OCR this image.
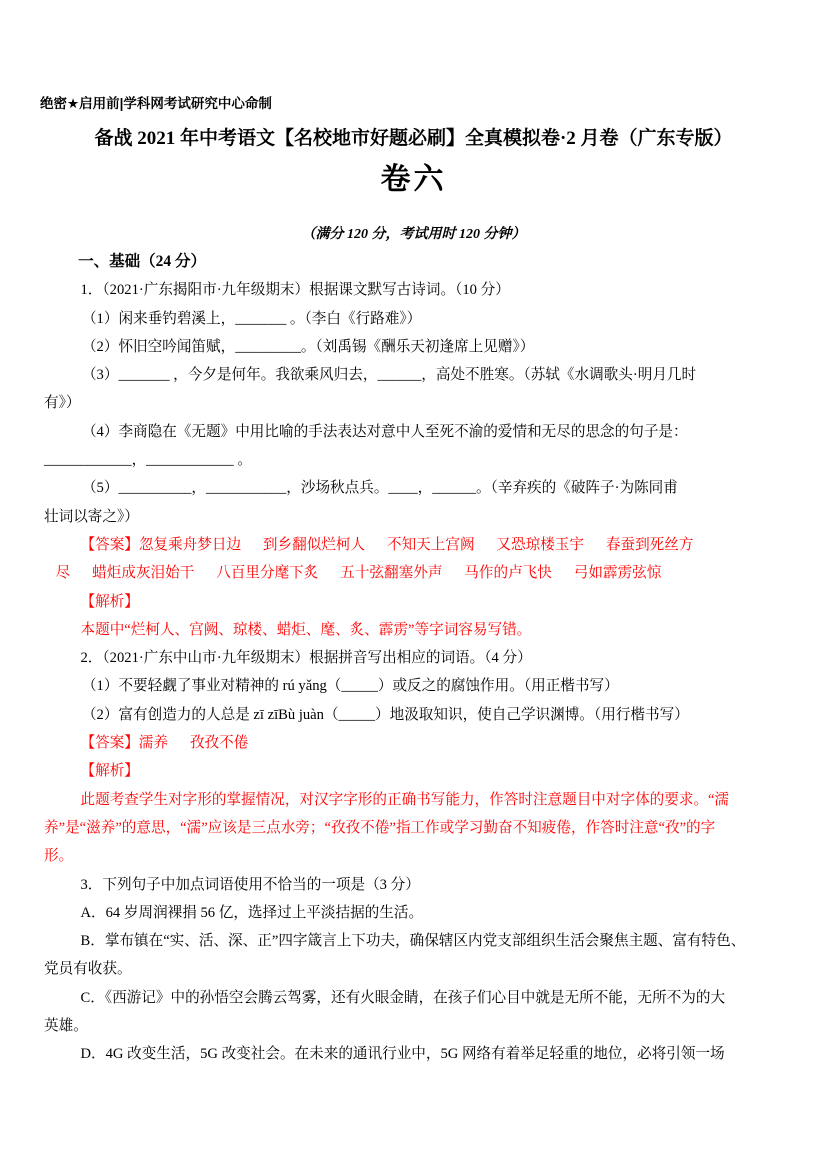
绝密★启用前|学科网考试研究中心命制
备战 2021 年中考语文【名校地市好题必刷】全真模拟卷·2 月卷（广东专版）
卷六
（满分 120 分，考试用时 120 分钟）
一、基础（24 分）
1．（2021·广东揭阳市·九年级期末）根据课文默写古诗词。（10 分）
（1）闲来垂钓碧溪上，_______ 。（李白《行路难》）
（2）怀旧空吟闻笛赋，_________。（刘禹锡《酬乐天初逢席上见赠》）
（3）_______ ，今夕是何年。我欲乘风归去，______，高处不胜寒。（苏轼《水调歌头·明月几时
有》）
（4）李商隐在《无题》中用比喻的手法表达对意中人至死不渝的爱情和无尽的思念的句子是：
____________，____________ 。
（5）__________，___________，沙场秋点兵。____，______。（辛弃疾的《破阵子·为陈同甫
壮词以寄之》）
【答案】忽复乘舟梦日边      到乡翻似烂柯人      不知天上宫阙      又恐琼楼玉宇      春蚕到死丝方
尽      蜡炬成灰泪始干      八百里分麾下炙      五十弦翻塞外声      马作的卢飞快      弓如霹雳弦惊
【解析】
本题中“烂柯人、宫阙、琼楼、蜡炬、麾、炙、霹雳”等字词容易写错。
2．（2021·广东中山市·九年级期末）根据拼音写出相应的词语。（4 分）
（1）不要轻觑了事业对精神的 rú yǎng（_____）或反之的腐蚀作用。（用正楷书写）
（2）富有创造力的人总是 zī zīBù juàn（_____）地汲取知识，使自己学识渊博。（用行楷书写）
【答案】濡养      孜孜不倦
【解析】
此题考查学生对字形的掌握情况，对汉字字形的正确书写能力，作答时注意题目中对字体的要求。“濡
养”是“滋养”的意思，“濡”应该是三点水旁；“孜孜不倦”指工作或学习勤奋不知疲倦，作答时注意“孜”的字
形。
3．下列句子中加点词语使用不恰当的一项是（3 分）
A．64 岁周润裸捐 56 亿，选择过上平淡拮据的生活。
B．掌布镇在“实、活、深、正”四字箴言上下功夫，确保辖区内党支部组织生活会聚焦主题、富有特色、
党员有收获。
C．《西游记》中的孙悟空会腾云驾雾，还有火眼金睛，在孩子们心目中就是无所不能，无所不为的大
英雄。
D．4G 改变生活，5G 改变社会。在未来的通讯行业中，5G 网络有着举足轻重的地位，必将引领一场
